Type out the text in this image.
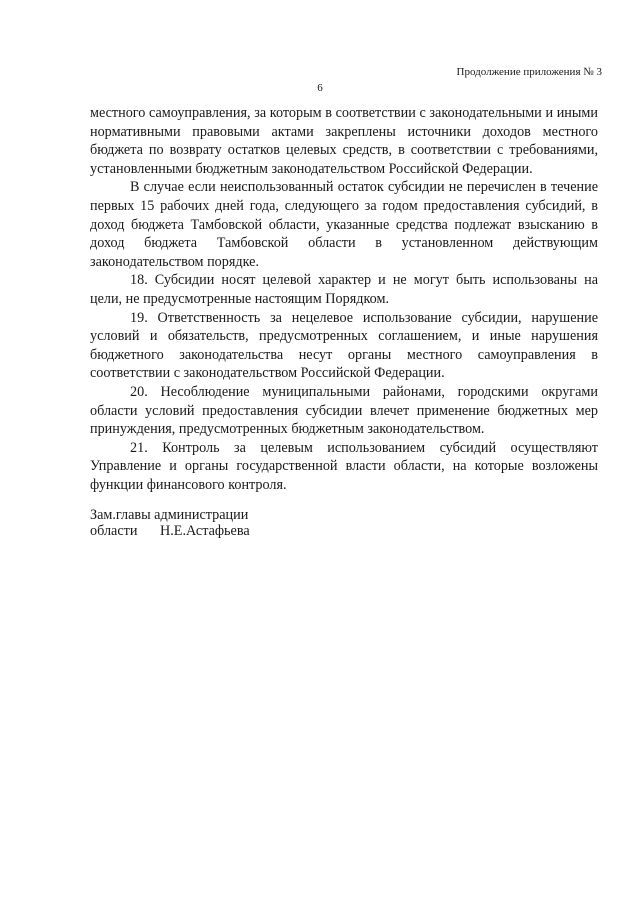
Продолжение приложения № 3
6

местного самоуправления, за которым в соответствии с законодательными и иными нормативными правовыми актами закреплены источники доходов местного бюджета по возврату остатков целевых средств, в соответствии с требованиями, установленными бюджетным законодательством Российской Федерации.

В случае если неиспользованный остаток субсидии не перечислен в течение первых 15 рабочих дней года, следующего за годом предоставления субсидий, в доход бюджета Тамбовской области, указанные средства подлежат взысканию в доход бюджета Тамбовской области в установленном действующим законодательством порядке.

18. Субсидии носят целевой характер и не могут быть использованы на цели, не предусмотренные настоящим Порядком.

19. Ответственность за нецелевое использование субсидии, нарушение условий и обязательств, предусмотренных соглашением, и иные нарушения бюджетного законодательства несут органы местного самоуправления в соответствии с законодательством Российской Федерации.

20. Несоблюдение муниципальными районами, городскими округами области условий предоставления субсидии влечет применение бюджетных мер принуждения, предусмотренных бюджетным законодательством.

21. Контроль за целевым использованием субсидий осуществляют Управление и органы государственной власти области, на которые возложены функции финансового контроля.

Зам.главы администрации
области Н.Е.Астафьева
